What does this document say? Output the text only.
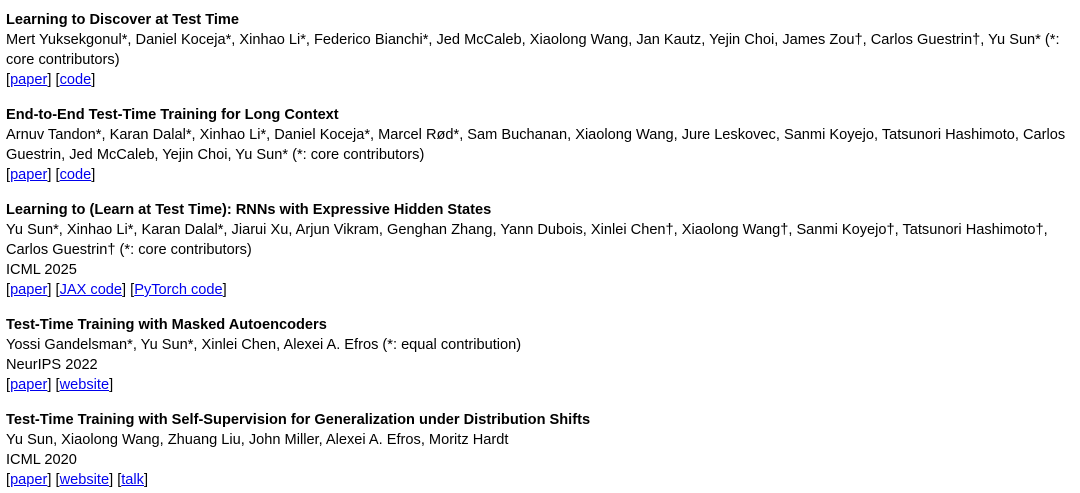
Learning to Discover at Test Time
Mert Yuksekgonul*, Daniel Koceja*, Xinhao Li*, Federico Bianchi*, Jed McCaleb, Xiaolong Wang, Jan Kautz, Yejin Choi, James Zou†, Carlos Guestrin†, Yu Sun* (*: core contributors)
[paper] [code]
End-to-End Test-Time Training for Long Context
Arnuv Tandon*, Karan Dalal*, Xinhao Li*, Daniel Koceja*, Marcel Rød*, Sam Buchanan, Xiaolong Wang, Jure Leskovec, Sanmi Koyejo, Tatsunori Hashimoto, Carlos Guestrin, Jed McCaleb, Yejin Choi, Yu Sun* (*: core contributors)
[paper] [code]
Learning to (Learn at Test Time): RNNs with Expressive Hidden States
Yu Sun*, Xinhao Li*, Karan Dalal*, Jiarui Xu, Arjun Vikram, Genghan Zhang, Yann Dubois, Xinlei Chen†, Xiaolong Wang†, Sanmi Koyejo†, Tatsunori Hashimoto†, Carlos Guestrin† (*: core contributors)
ICML 2025
[paper] [JAX code] [PyTorch code]
Test-Time Training with Masked Autoencoders
Yossi Gandelsman*, Yu Sun*, Xinlei Chen, Alexei A. Efros (*: equal contribution)
NeurIPS 2022
[paper] [website]
Test-Time Training with Self-Supervision for Generalization under Distribution Shifts
Yu Sun, Xiaolong Wang, Zhuang Liu, John Miller, Alexei A. Efros, Moritz Hardt
ICML 2020
[paper] [website] [talk]
